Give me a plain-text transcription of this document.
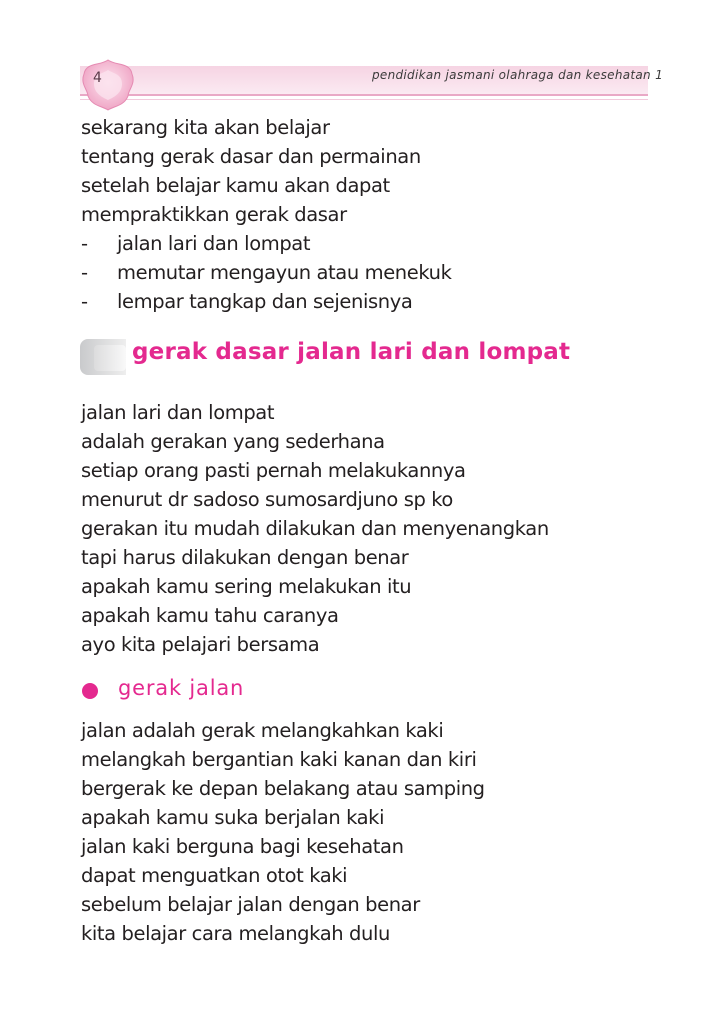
4	pendidikan jasmani olahraga dan kesehatan 1
sekarang kita akan belajar
tentang gerak dasar dan permainan
setelah belajar kamu akan dapat
mempraktikkan gerak dasar
- jalan lari dan lompat
- memutar mengayun atau menekuk
- lempar tangkap dan sejenisnya
gerak dasar jalan lari dan lompat
jalan lari dan lompat
adalah gerakan yang sederhana
setiap orang pasti pernah melakukannya
menurut dr sadoso sumosardjuno sp ko
gerakan itu mudah dilakukan dan menyenangkan
tapi harus dilakukan dengan benar
apakah kamu sering melakukan itu
apakah kamu tahu caranya
ayo kita pelajari bersama
gerak jalan
jalan adalah gerak melangkahkan kaki
melangkah bergantian kaki kanan dan kiri
bergerak ke depan belakang atau samping
apakah kamu suka berjalan kaki
jalan kaki berguna bagi kesehatan
dapat menguatkan otot kaki
sebelum belajar jalan dengan benar
kita belajar cara melangkah dulu
